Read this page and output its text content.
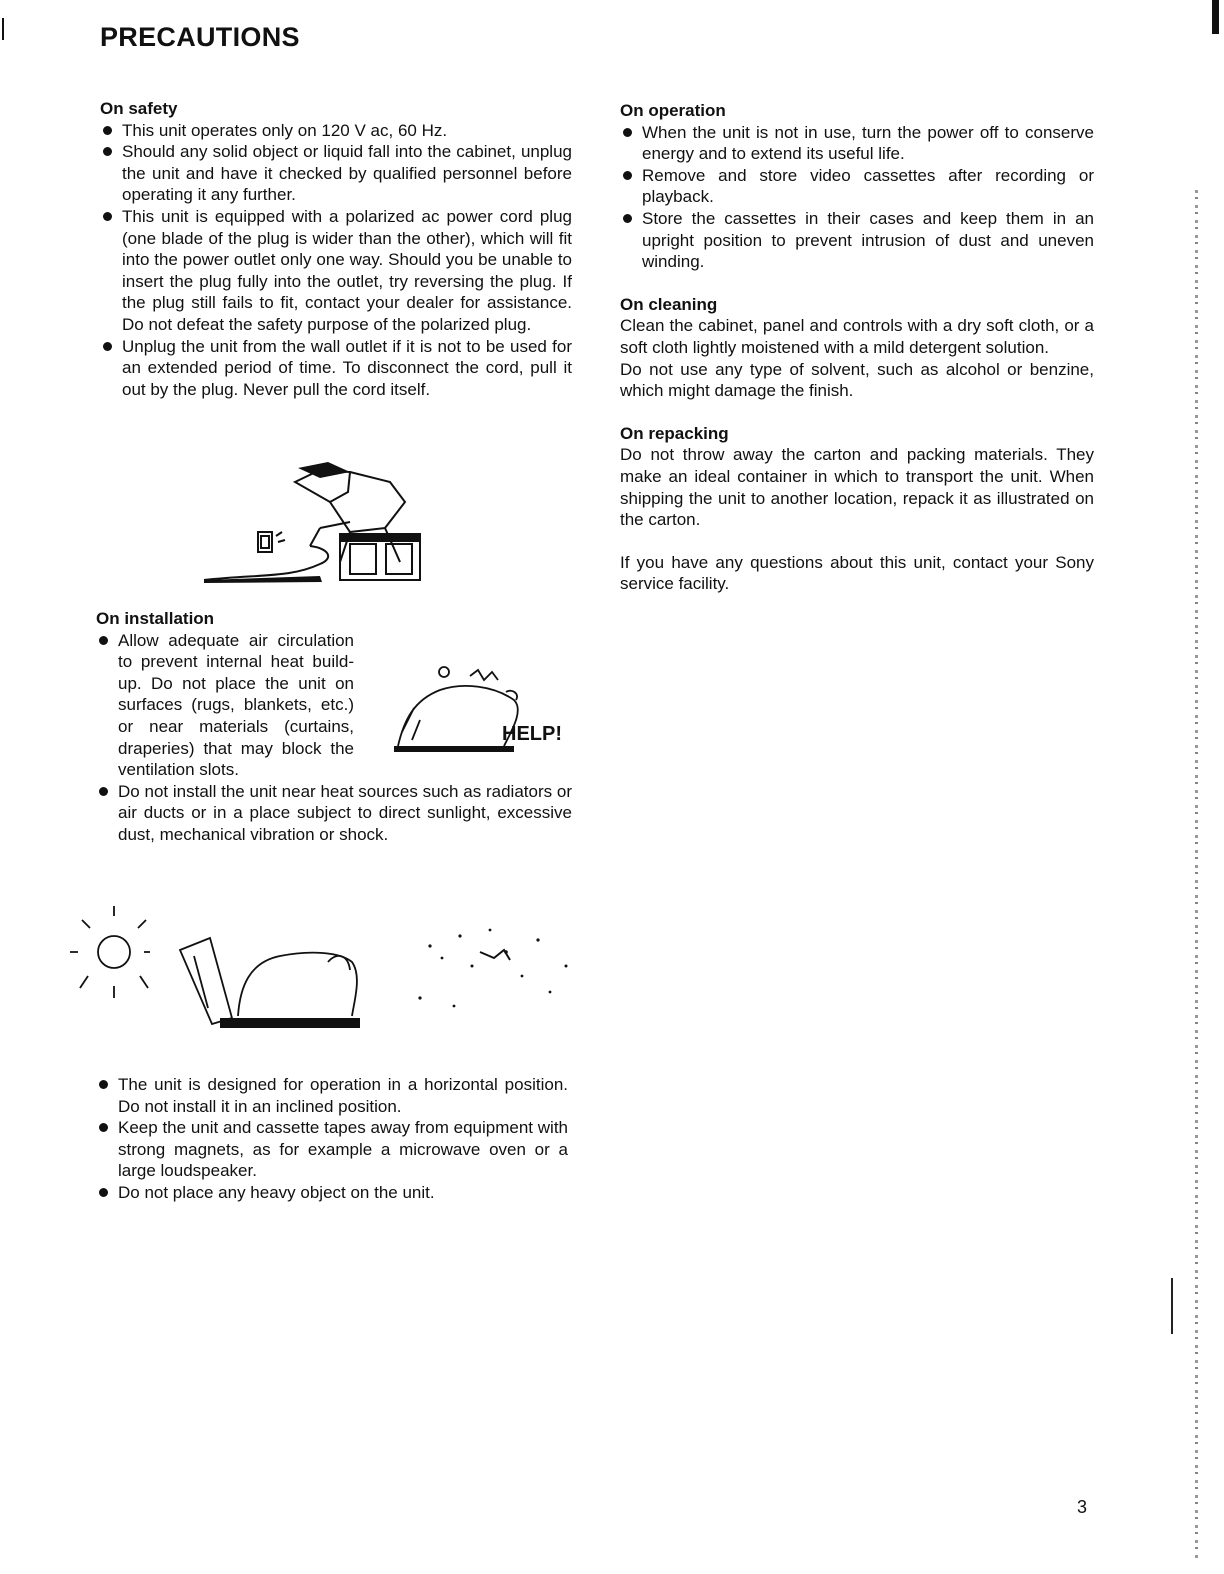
PRECAUTIONS
On safety
This unit operates only on 120 V ac, 60 Hz.
Should any solid object or liquid fall into the cabinet, unplug the unit and have it checked by qualified personnel before operating it any further.
This unit is equipped with a polarized ac power cord plug (one blade of the plug is wider than the other), which will fit into the power outlet only one way. Should you be unable to insert the plug fully into the outlet, try reversing the plug. If the plug still fails to fit, contact your dealer for assistance. Do not defeat the safety purpose of the polarized plug.
Unplug the unit from the wall outlet if it is not to be used for an extended period of time. To disconnect the cord, pull it out by the plug. Never pull the cord itself.
On installation
Allow adequate air circulation to prevent internal heat build-up. Do not place the unit on surfaces (rugs, blankets, etc.) or near materials (curtains, draperies) that may block the ventilation slots.
Do not install the unit near heat sources such as radiators or air ducts or in a place subject to direct sunlight, excessive dust, mechanical vibration or shock.
HELP!
The unit is designed for operation in a horizontal position. Do not install it in an inclined position.
Keep the unit and cassette tapes away from equipment with strong magnets, as for example a microwave oven or a large loudspeaker.
Do not place any heavy object on the unit.
On operation
When the unit is not in use, turn the power off to conserve energy and to extend its useful life.
Remove and store video cassettes after recording or playback.
Store the cassettes in their cases and keep them in an upright position to prevent intrusion of dust and uneven winding.
On cleaning
Clean the cabinet, panel and controls with a dry soft cloth, or a soft cloth lightly moistened with a mild detergent solution.
Do not use any type of solvent, such as alcohol or benzine, which might damage the finish.
On repacking
Do not throw away the carton and packing materials. They make an ideal container in which to transport the unit. When shipping the unit to another location, repack it as illustrated on the carton.
If you have any questions about this unit, contact your Sony service facility.
3
